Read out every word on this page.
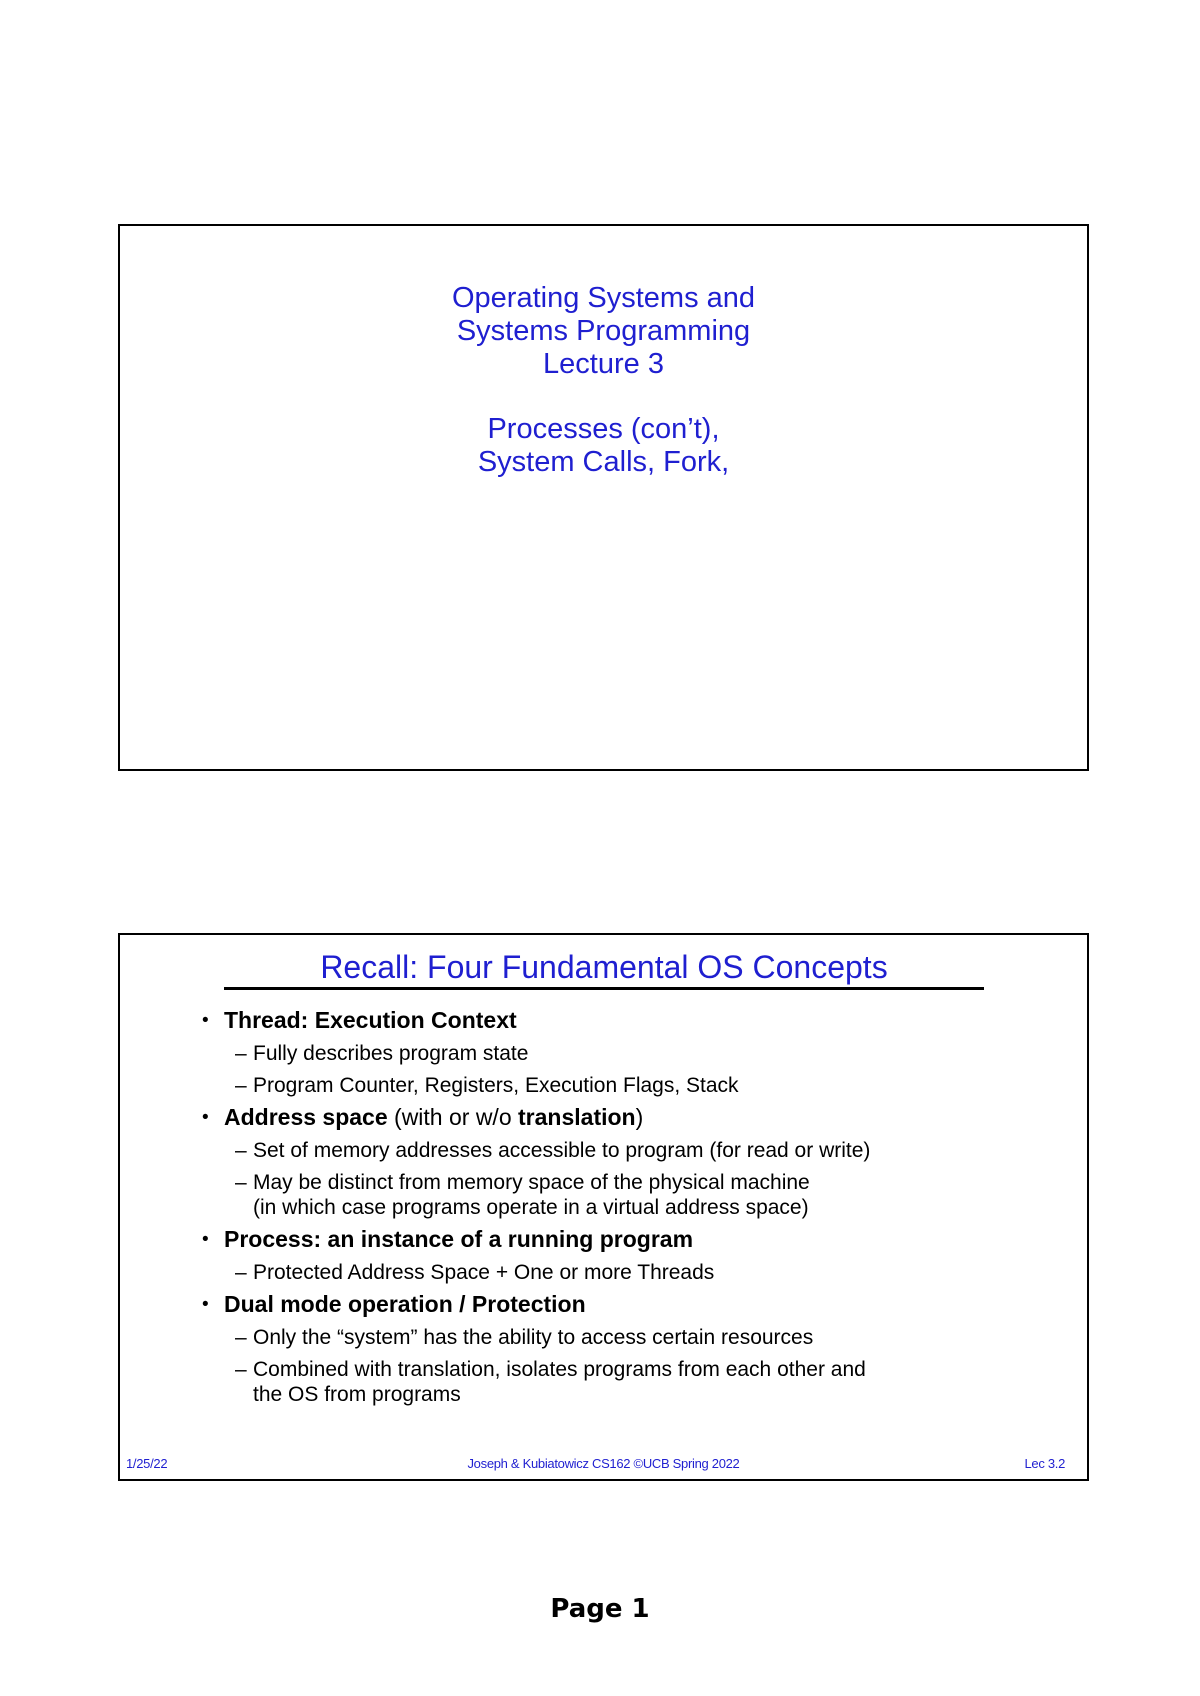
Operating Systems and
Systems Programming
Lecture 3
Processes (con’t),
System Calls, Fork,
Recall: Four Fundamental OS Concepts
• Thread: Execution Context
– Fully describes program state
– Program Counter, Registers, Execution Flags, Stack
• Address space (with or w/o translation)
– Set of memory addresses accessible to program (for read or write)
– May be distinct from memory space of the physical machine
(in which case programs operate in a virtual address space)
• Process: an instance of a running program
– Protected Address Space + One or more Threads
• Dual mode operation / Protection
– Only the “system” has the ability to access certain resources
– Combined with translation, isolates programs from each other and
the OS from programs
1/25/22	Joseph & Kubiatowicz CS162 ©UCB Spring 2022	Lec 3.2
Page 1
